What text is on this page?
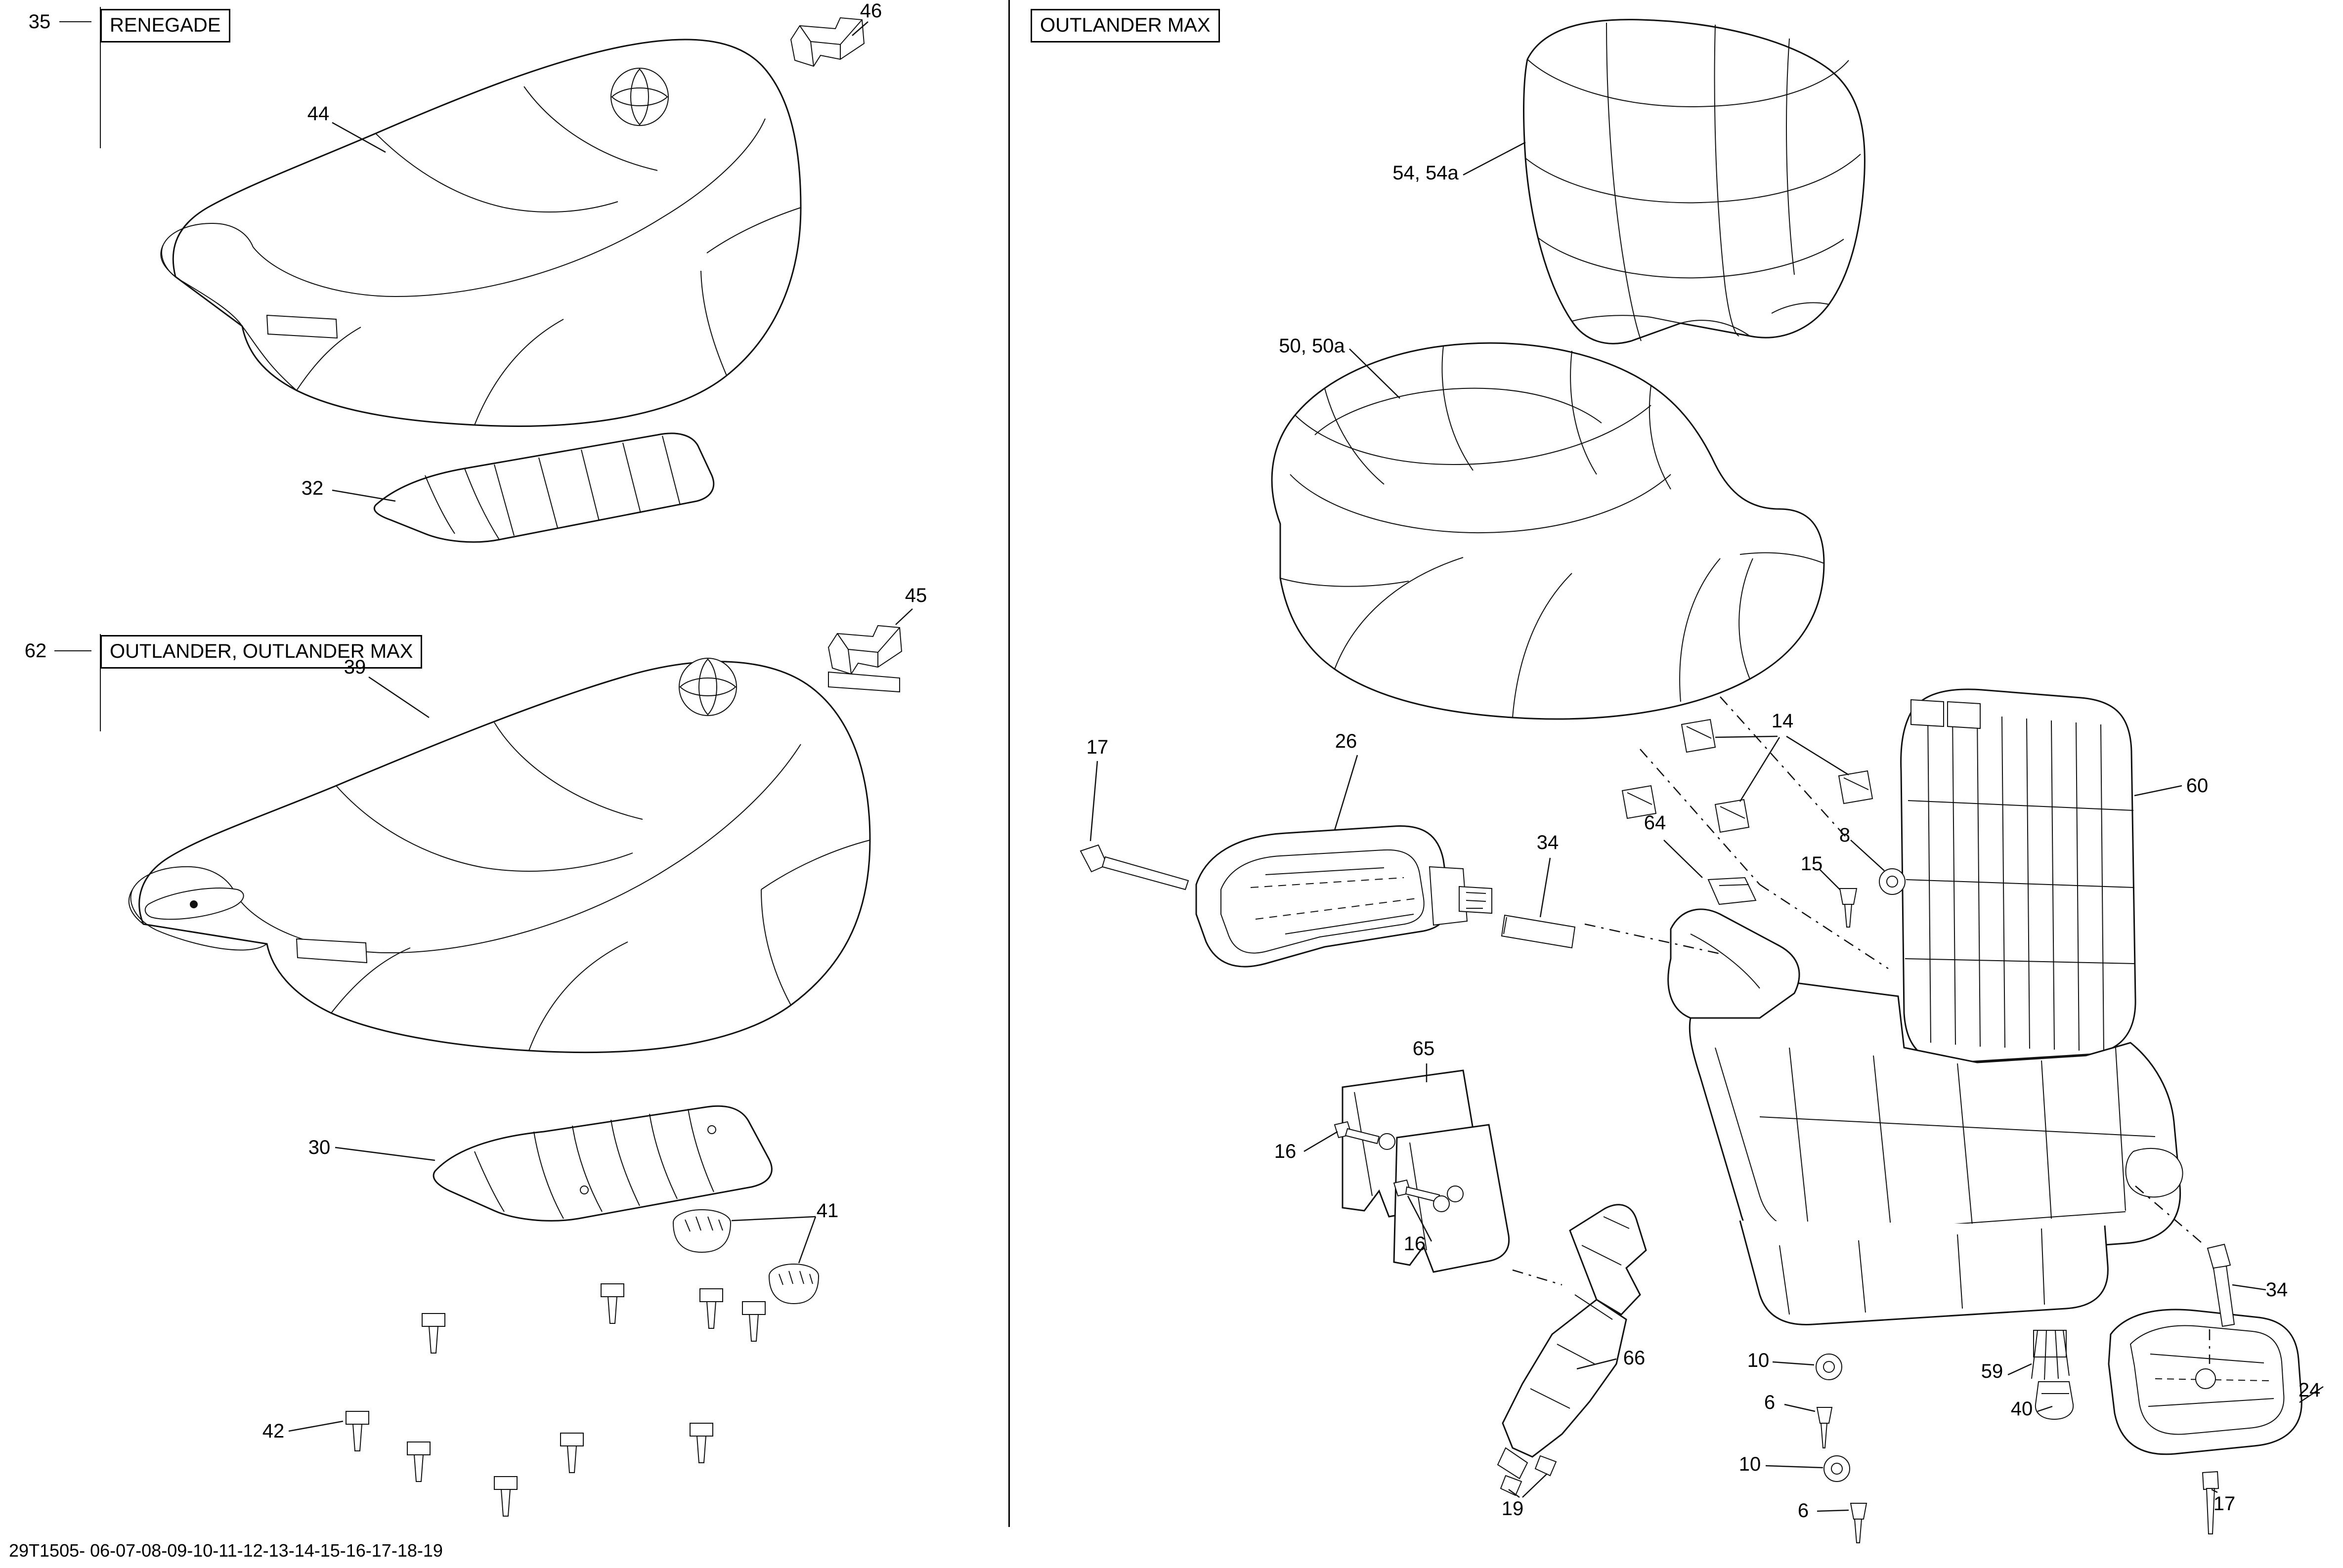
RENEGADE
OUTLANDER, OUTLANDER MAX
OUTLANDER MAX
35	46
44
32
62
45
39
30
41
42
54, 54a
50, 50a
14
17	26
60
34
64
8
15
65
16
16
66
59
40
34
24
10
6
10
6
19	17
29T1505- 06-07-08-09-10-11-12-13-14-15-16-17-18-19
